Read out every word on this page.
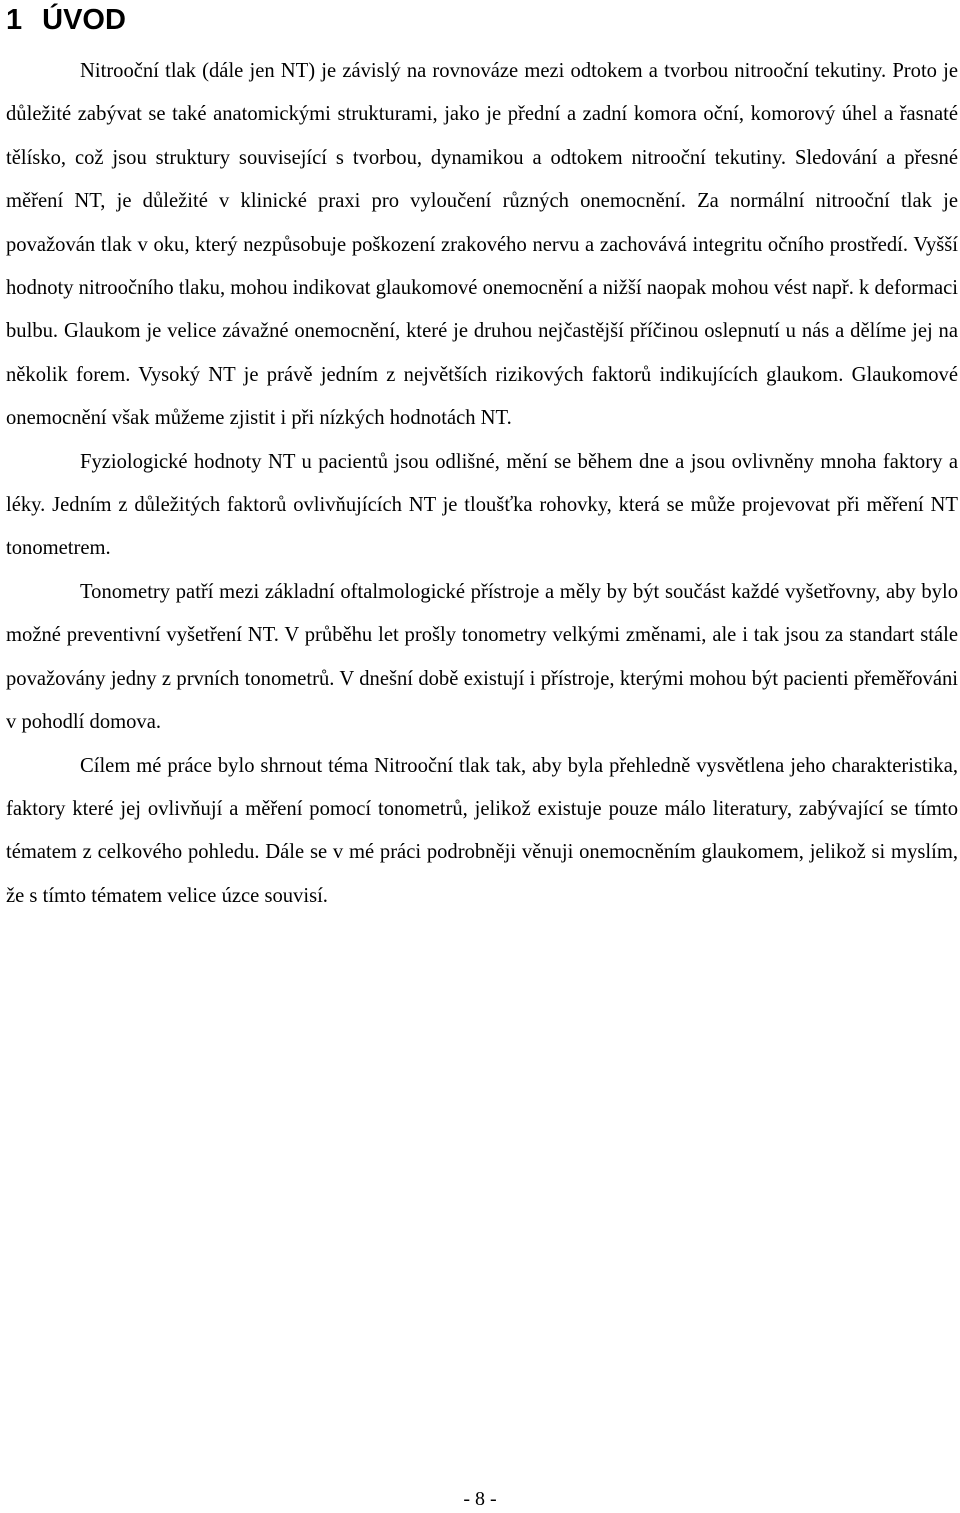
1 ÚVOD

Nitrooční tlak (dále jen NT) je závislý na rovnováze mezi odtokem a tvorbou nitrooční tekutiny. Proto je důležité zabývat se také anatomickými strukturami, jako je přední a zadní komora oční, komorový úhel a řasnaté tělísko, což jsou struktury související s tvorbou, dynamikou a odtokem nitrooční tekutiny. Sledování a přesné měření NT, je důležité v klinické praxi pro vyloučení různých onemocnění. Za normální nitrooční tlak je považován tlak v oku, který nezpůsobuje poškození zrakového nervu a zachovává integritu očního prostředí. Vyšší hodnoty nitroočního tlaku, mohou indikovat glaukomové onemocnění a nižší naopak mohou vést např. k deformaci bulbu. Glaukom je velice závažné onemocnění, které je druhou nejčastější příčinou oslepnutí u nás a dělíme jej na několik forem. Vysoký NT je právě jedním z největších rizikových faktorů indikujících glaukom. Glaukomové onemocnění však můžeme zjistit i při nízkých hodnotách NT.

Fyziologické hodnoty NT u pacientů jsou odlišné, mění se během dne a jsou ovlivněny mnoha faktory a léky. Jedním z důležitých faktorů ovlivňujících NT je tloušťka rohovky, která se může projevovat při měření NT tonometrem.

Tonometry patří mezi základní oftalmologické přístroje a měly by být součást každé vyšetřovny, aby bylo možné preventivní vyšetření NT. V průběhu let prošly tonometry velkými změnami, ale i tak jsou za standart stále považovány jedny z prvních tonometrů. V dnešní době existují i přístroje, kterými mohou být pacienti přeměřováni v pohodlí domova.

Cílem mé práce bylo shrnout téma Nitrooční tlak tak, aby byla přehledně vysvětlena jeho charakteristika, faktory které jej ovlivňují a měření pomocí tonometrů, jelikož existuje pouze málo literatury, zabývající se tímto tématem z celkového pohledu. Dále se v mé práci podrobněji věnuji onemocněním glaukomem, jelikož si myslím, že s tímto tématem velice úzce souvisí.

- 8 -
